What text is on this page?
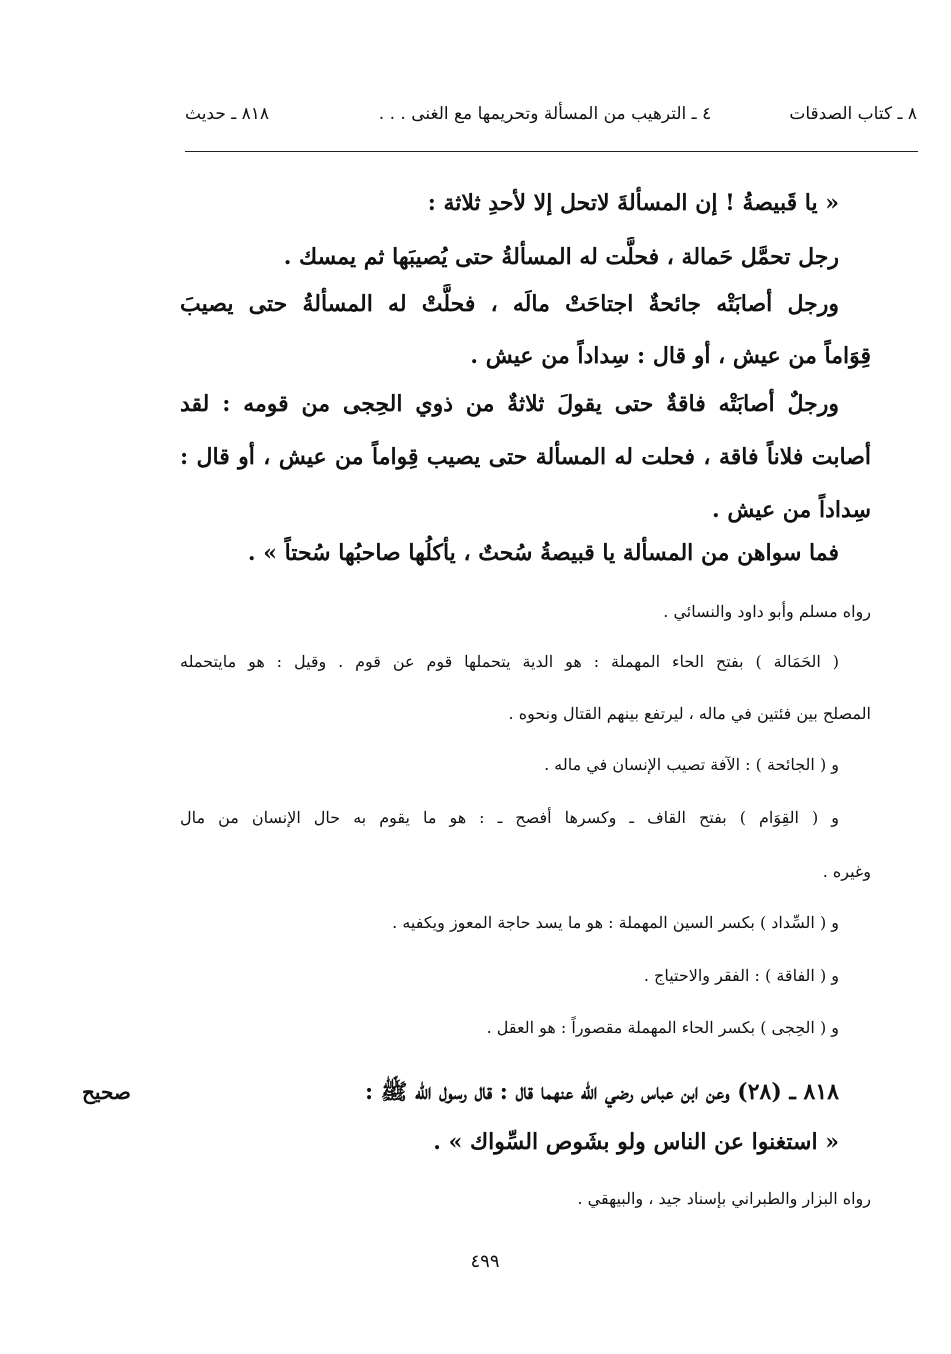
٨ ـ كتاب الصدقات
٤ ـ الترهيب من المسألة وتحريمها مع الغنى . . .
٨١٨ ـ حديث
« يا قَبيصةُ ! إن المسألةَ لاتحل إلا لأحدِ ثلاثة :
رجل تحمَّل حَمالة ، فحلَّت له المسألةُ حتى يُصيبَها ثم يمسك .
ورجل أصابَتْه جائحةٌ اجتاحَتْ مالَه ، فحلَّتْ له المسألةُ حتى يصيبَ
قِوَاماً من عيش ، أو قال : سِداداً من عيش .
ورجلٌ أصابَتْه فاقةٌ حتى يقولَ ثلاثةٌ من ذوي الحِجى من قومه : لقد
أصابت فلاناً فاقة ، فحلت له المسألة حتى يصيب قِواماً من عيش ، أو قال :
سِداداً من عيش .
فما سواهن من المسألة يا قبيصةُ سُحتٌ ، يأكلُها صاحبُها سُحتاً » .
رواه مسلم وأبو داود والنسائي .
( الحَمَالة ) بفتح الحاء المهملة : هو الدية يتحملها قوم عن قوم . وقيل : هو مايتحمله
المصلح بين فئتين في ماله ، ليرتفع بينهم القتال ونحوه .
و ( الجائحة ) : الآفة تصيب الإنسان في ماله .
و ( القِوَام ) بفتح القاف ـ وكسرها أفصح ـ : هو ما يقوم به حال الإنسان من مال
وغيره .
و ( السِّداد ) بكسر السين المهملة : هو ما يسد حاجة المعوز ويكفيه .
و ( الفاقة ) : الفقر والاحتياج .
و ( الحِجى ) بكسر الحاء المهملة مقصوراً : هو العقل .
صحيح	٨١٨ ـ (٢٨) وعن ابن عباس رضي الله عنهما قال : قال رسول الله ﷺ :
« استغنوا عن الناس ولو بشَوص السِّواك » .
رواه البزار والطبراني بإسناد جيد ، والبيهقي .
٤٩٩
